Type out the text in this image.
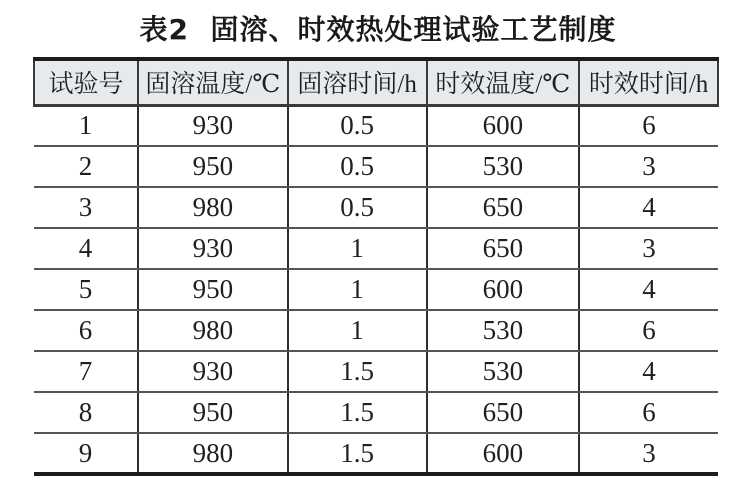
表2  固溶、时效热处理试验工艺制度
试验号	固溶温度/℃	固溶时间/h	时效温度/℃	时效时间/h
1	930	0.5	600	6
2	950	0.5	530	3
3	980	0.5	650	4
4	930	1	650	3
5	950	1	600	4
6	980	1	530	6
7	930	1.5	530	4
8	950	1.5	650	6
9	980	1.5	600	3
